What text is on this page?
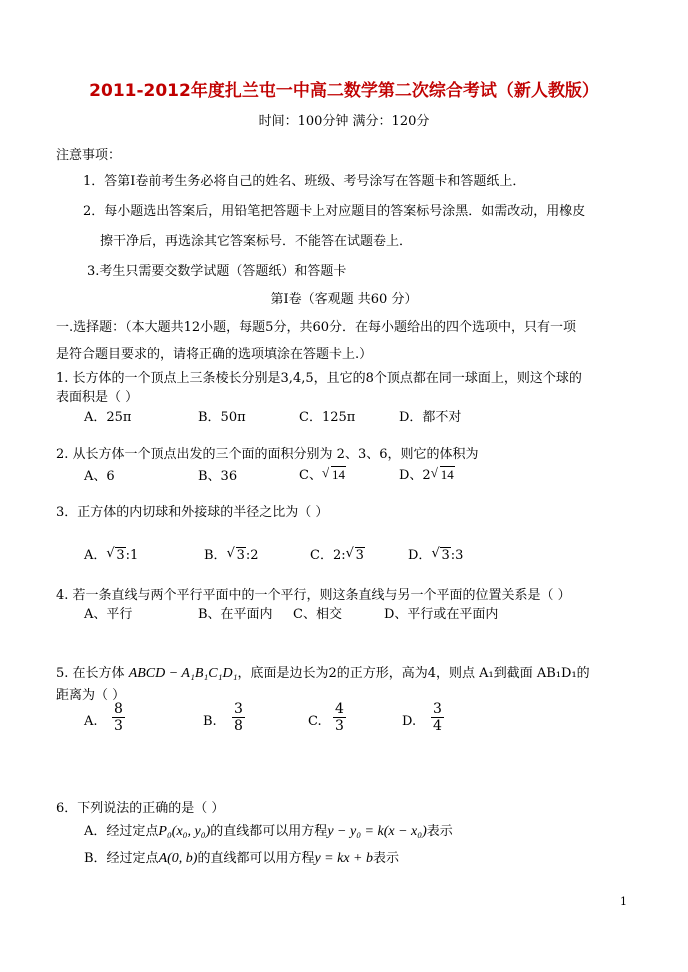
2011-2012年度扎兰屯一中高二数学第二次综合考试（新人教版）
时间：100分钟 满分：120分
注意事项：
1．答第Ⅰ卷前考生务必将自己的姓名、班级、考号涂写在答题卡和答题纸上．
2．每小题选出答案后，用铅笔把答题卡上对应题目的答案标号涂黑．如需改动，用橡皮
擦干净后，再选涂其它答案标号．不能答在试题卷上．
3.考生只需要交数学试题（答题纸）和答题卡
第Ⅰ卷（客观题 共60 分）
一.选择题：（本大题共12小题，每题5分，共60分．在每小题给出的四个选项中，只有一项
是符合题目要求的，请将正确的选项填涂在答题卡上.）
1. 长方体的一个顶点上三条棱长分别是3,4,5，且它的8个顶点都在同一球面上，则这个球的
表面积是（ ）
A．25π	B．50π	C．125π	D．都不对
2. 从长方体一个顶点出发的三个面的面积分别为 2、3、6，则它的体积为
A、6	B、36	C、 √ 14	D、2 √ 14
3．正方体的内切球和外接球的半径之比为（ ）
A． √ 3:1	B． √ 3:2	C．2: √ 3	D． √ 3:3
4. 若一条直线与两个平行平面中的一个平行，则这条直线与另一个平面的位置关系是（ ）
A、平行	B、在平面内 C、相交	D、平行或在平面内
5. 在长方体 ABCD − A₁B₁C₁D₁，底面是边长为2的正方形，高为4，则点 A₁到截面 AB₁D₁的
距离为（ ）
A. $\frac{8}{3}$	B. $\frac{3}{8}$	C. $\frac{4}{3}$	D. $\frac{3}{4}$
6．下列说法的正确的是（ ）
A．经过定点P₀(x₀, y₀)的直线都可以用方程y − y₀ = k(x − x₀)表示
B．经过定点A(0, b)的直线都可以用方程y = kx + b表示
1
